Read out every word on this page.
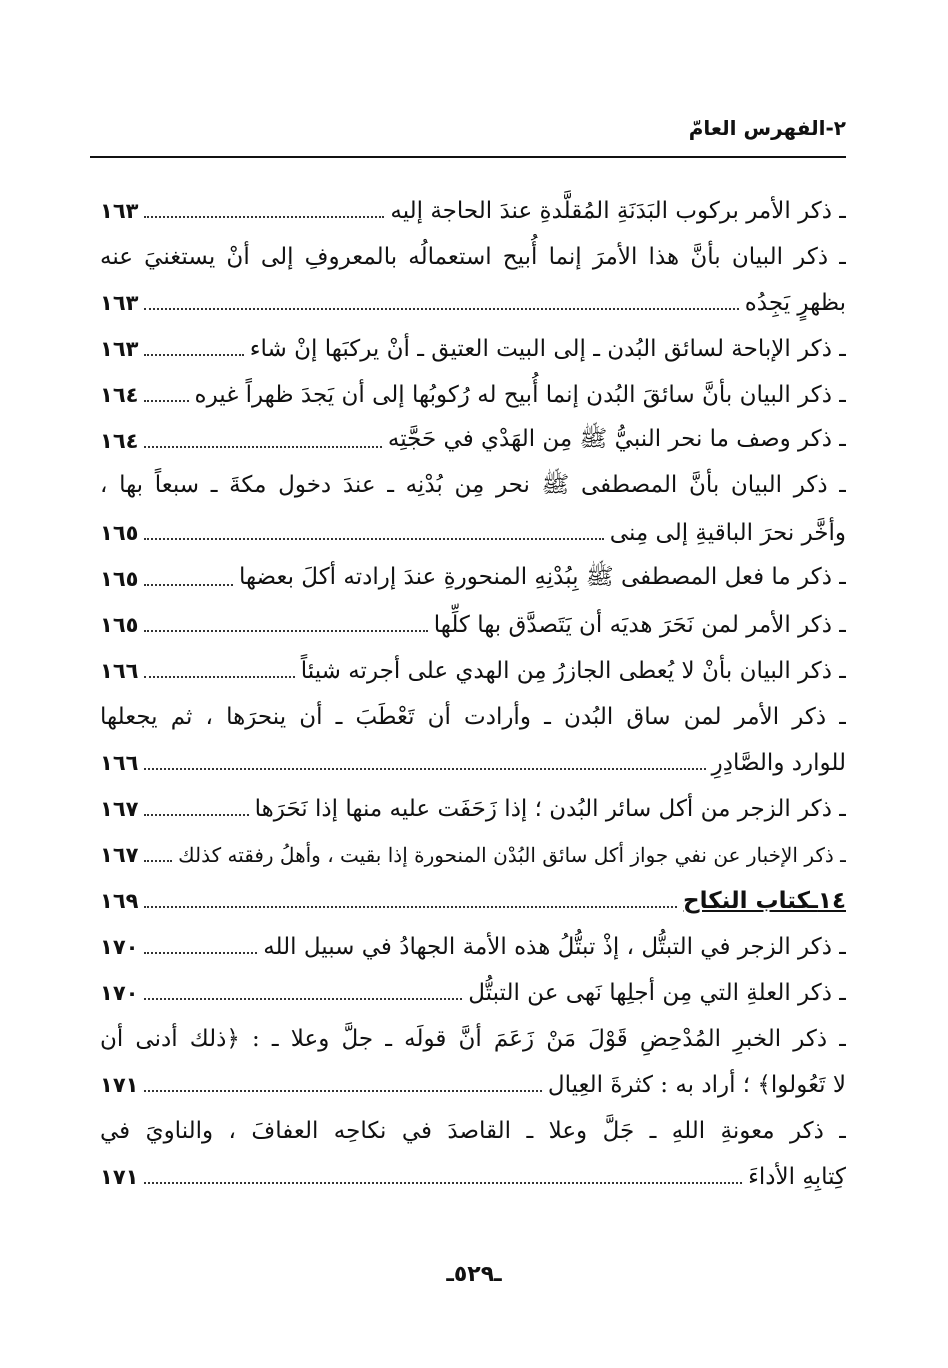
٢-الفهرس العامّ
ـ ذكر الأمر بركوب البَدَنَةِ المُقلَّدةِ عندَ الحاجة إليه
١٦٣
ـ ذكر البيان بأنَّ هذا الأمرَ إنما أُبيح استعمالُه بالمعروفِ إلى أنْ يستغنيَ عنه
بظهرٍ يَجِدُه
١٦٣
ـ ذكر الإباحة لسائق البُدن ـ إلى البيت العتيق ـ أنْ يركبَها إنْ شاء
١٦٣
ـ ذكر البيان بأنَّ سائقَ البُدن إنما أُبيح له رُكوبُها إلى أن يَجدَ ظهراً غيره
١٦٤
ـ ذكر وصف ما نحر النبيُّ ﷺ مِن الهَدْي في حَجَّتِه
١٦٤
ـ ذكر البيان بأنَّ المصطفى ﷺ نحر مِن بُدْنِه ـ عندَ دخول مكةَ ـ سبعاً بها ،
وأخَّر نحرَ الباقيةِ إلى مِنى
١٦٥
ـ ذكر ما فعل المصطفى ﷺ بِبُدْنِهِ المنحورةِ عندَ إرادته أكلَ بعضها
١٦٥
ـ ذكر الأمر لمن نَحَرَ هديَه أن يَتَصدَّق بها كلِّها
١٦٥
ـ ذكر البيان بأنْ لا يُعطى الجازرُ مِن الهدي على أجرته شيئاً
١٦٦
ـ ذكر الأمر لمن ساق البُدن ـ وأرادت أن تَعْطَبَ ـ أن ينحرَها ، ثم يجعلها
للوارد والصَّادِرِ
١٦٦
ـ ذكر الزجر من أكل سائر البُدن ؛ إذا زَحَفَت عليه منها إذا نَحَرَها
١٦٧
ـ ذكر الإخبار عن نفي جواز أكل سائق البُدْن المنحورة إذا بقيت ، وأهلُ رفقته كذلك
١٦٧
١٤ـكتاب النكاح
١٦٩
ـ ذكر الزجر في التبتُّل ، إذْ تبتُّلُ هذه الأمة الجهادُ في سبيل الله
١٧٠
ـ ذكر العلةِ التي مِن أجلِها نَهى عن التبتُّل
١٧٠
ـ ذكر الخبرِ المُدْحِضِ قَوْلَ مَنْ زَعَمَ أنَّ قولَه ـ جلَّ وعلا ـ : ﴿ذلك أدنى أن
لا تَعُولوا﴾ ؛ أراد به : كثرةَ العِيال
١٧١
ـ ذكر معونةِ اللهِ ـ جَلَّ وعلا ـ القاصدَ في نكاحِه العفافَ ، والناويَ في
كِتابِهِ الأداءَ
١٧١
ـ٥٢٩ـ
